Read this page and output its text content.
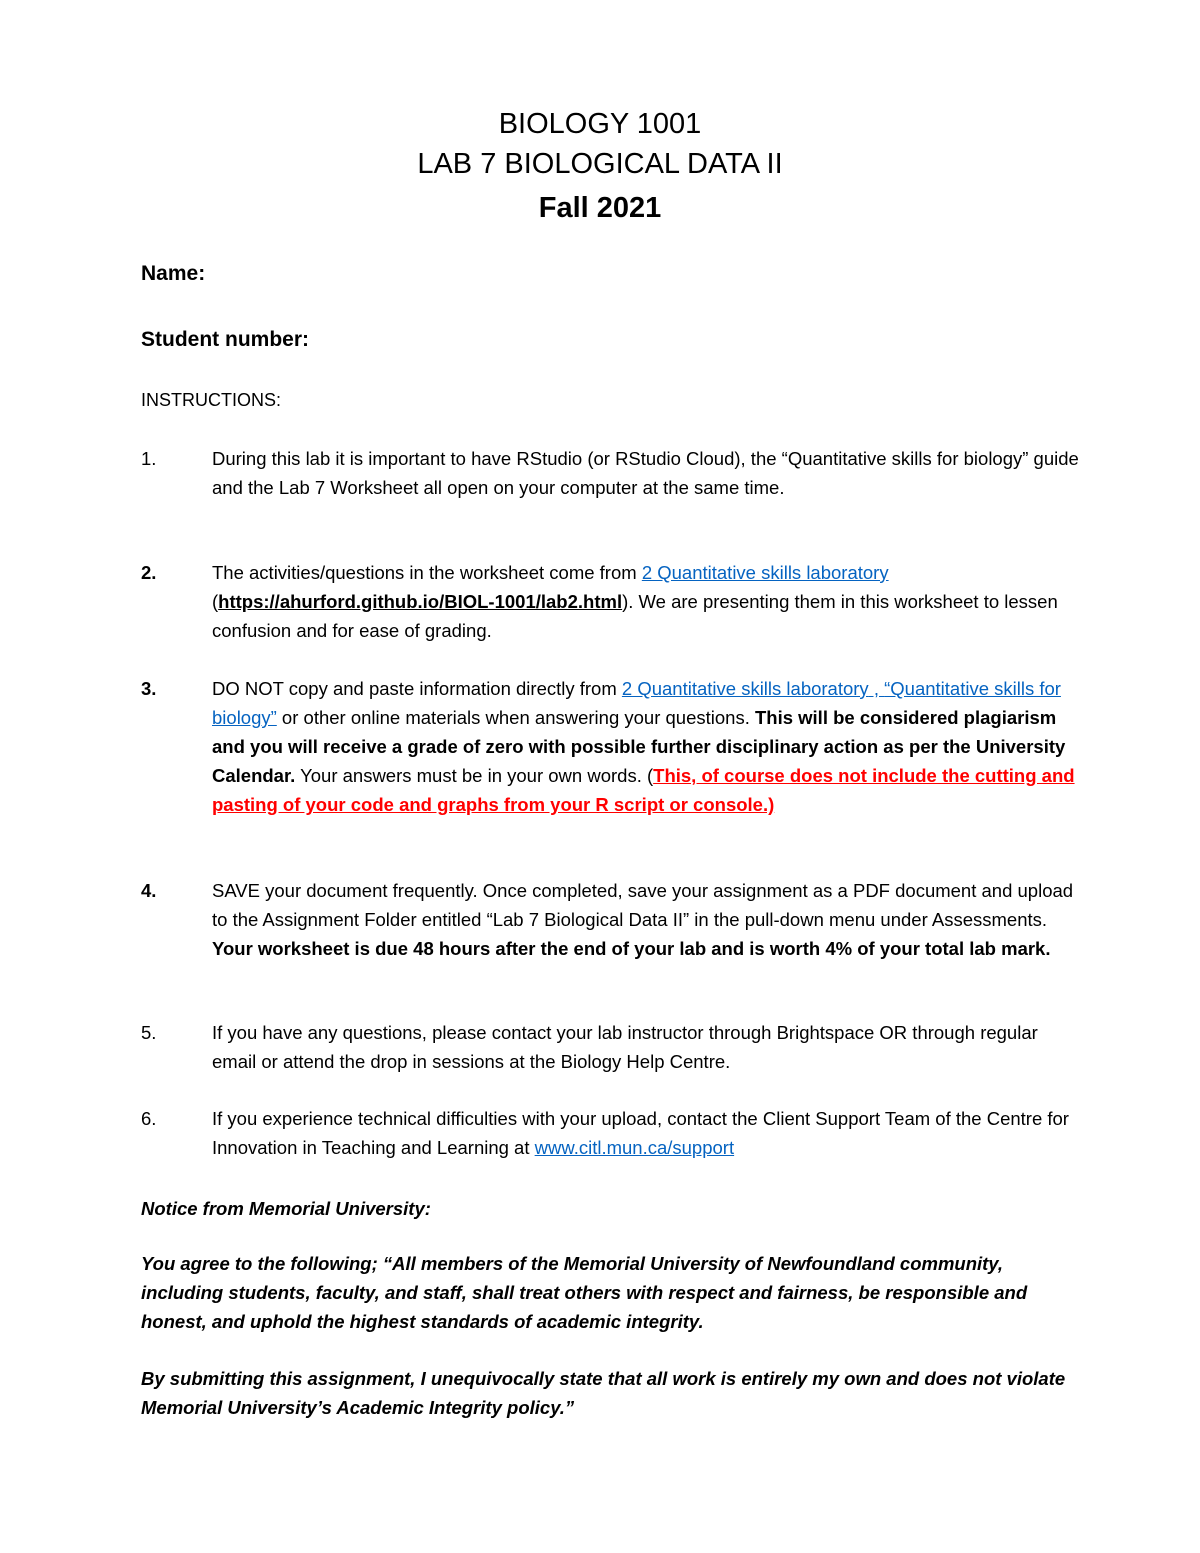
BIOLOGY 1001
LAB 7 BIOLOGICAL DATA II
Fall 2021
Name:
Student number:
INSTRUCTIONS:
1.	During this lab it is important to have RStudio (or RStudio Cloud), the “Quantitative skills for biology” guide and the Lab 7 Worksheet all open on your computer at the same time.
2.	The activities/questions in the worksheet come from 2 Quantitative skills laboratory (https://ahurford.github.io/BIOL-1001/lab2.html). We are presenting them in this worksheet to lessen confusion and for ease of grading.
3.	DO NOT copy and paste information directly from 2 Quantitative skills laboratory , “Quantitative skills for biology” or other online materials when answering your questions. This will be considered plagiarism and you will receive a grade of zero with possible further disciplinary action as per the University Calendar. Your answers must be in your own words. (This, of course does not include the cutting and pasting of your code and graphs from your R script or console.)
4.	SAVE your document frequently. Once completed, save your assignment as a PDF document and upload to the Assignment Folder entitled “Lab 7 Biological Data II” in the pull-down menu under Assessments. Your worksheet is due 48 hours after the end of your lab and is worth 4% of your total lab mark.
5.	If you have any questions, please contact your lab instructor through Brightspace OR through regular email or attend the drop in sessions at the Biology Help Centre.
6.	If you experience technical difficulties with your upload, contact the Client Support Team of the Centre for Innovation in Teaching and Learning at www.citl.mun.ca/support
Notice from Memorial University:
You agree to the following; “All members of the Memorial University of Newfoundland community, including students, faculty, and staff, shall treat others with respect and fairness, be responsible and honest, and uphold the highest standards of academic integrity.
By submitting this assignment, I unequivocally state that all work is entirely my own and does not violate Memorial University’s Academic Integrity policy.”
